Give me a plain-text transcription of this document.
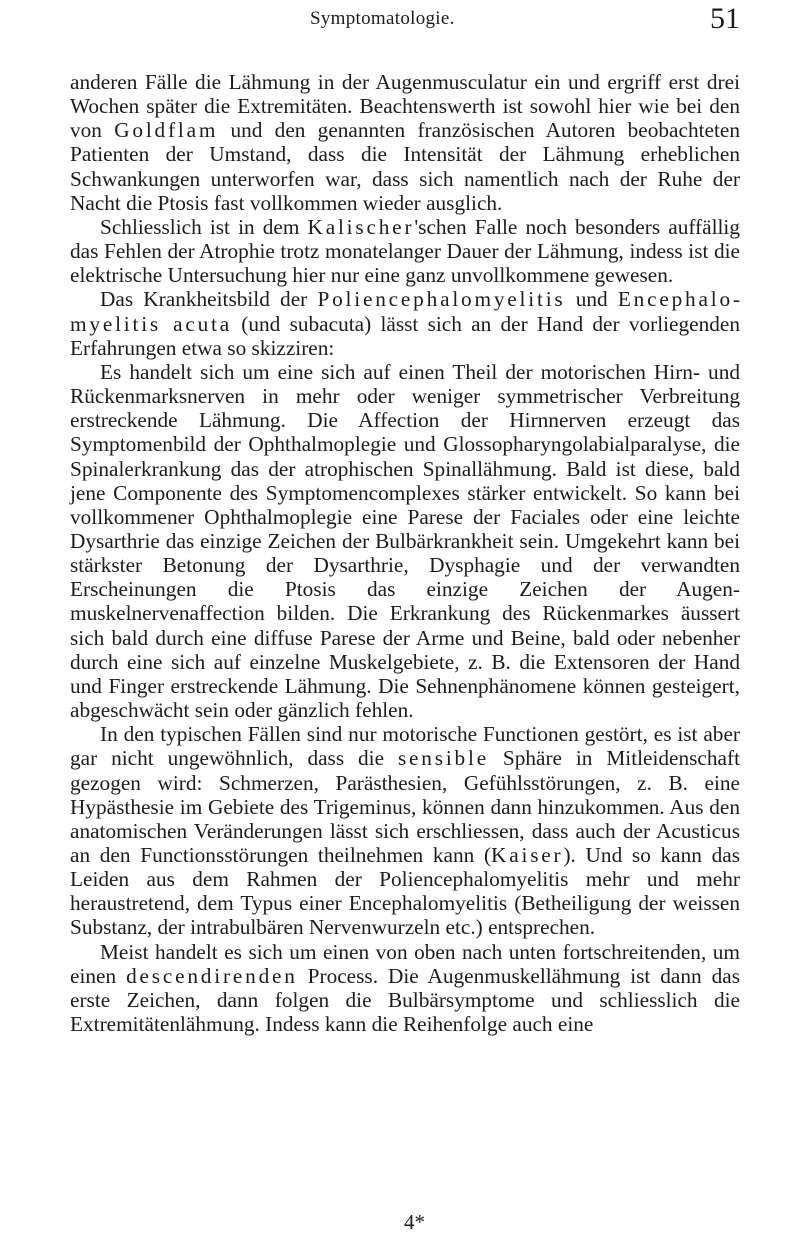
Symptomatologie.	51

anderen Fälle die Lähmung in der Augenmusculatur ein und ergriff erst drei Wochen später die Extremitäten. Beachtenswerth ist sowohl hier wie bei den von Goldflam und den genannten französischen Autoren beobachteten Patienten der Umstand, dass die Intensität der Lähmung erheblichen Schwankungen unterworfen war, dass sich namentlich nach der Ruhe der Nacht die Ptosis fast vollkommen wieder ausglich.

Schliesslich ist in dem Kalischer'schen Falle noch besonders auffällig das Fehlen der Atrophie trotz monatelanger Dauer der Lähmung, indess ist die elektrische Untersuchung hier nur eine ganz unvollkommene gewesen.

Das Krankheitsbild der Poliencephalomyelitis und Encephalomyelitis acuta (und subacuta) lässt sich an der Hand der vorliegenden Erfahrungen etwa so skizziren:

Es handelt sich um eine sich auf einen Theil der motorischen Hirn- und Rückenmarksnerven in mehr oder weniger symmetrischer Verbreitung erstreckende Lähmung. Die Affection der Hirnnerven erzeugt das Symptomenbild der Ophthalmoplegie und Glossopharyngolabialparalyse, die Spinalerkrankung das der atrophischen Spinallähmung. Bald ist diese, bald jene Componente des Symptomencomplexes stärker entwickelt. So kann bei vollkommener Ophthalmoplegie eine Parese der Faciales oder eine leichte Dysarthrie das einzige Zeichen der Bulbärkrankheit sein. Umgekehrt kann bei stärkster Betonung der Dysarthrie, Dysphagie und der verwandten Erscheinungen die Ptosis das einzige Zeichen der Augenmuskelnervenaffection bilden. Die Erkrankung des Rückenmarkes äussert sich bald durch eine diffuse Parese der Arme und Beine, bald oder nebenher durch eine sich auf einzelne Muskelgebiete, z. B. die Extensoren der Hand und Finger erstreckende Lähmung. Die Sehnenphänomene können gesteigert, abgeschwächt sein oder gänzlich fehlen.

In den typischen Fällen sind nur motorische Functionen gestört, es ist aber gar nicht ungewöhnlich, dass die sensible Sphäre in Mitleidenschaft gezogen wird: Schmerzen, Parästhesien, Gefühlsstörungen, z. B. eine Hypästhesie im Gebiete des Trigeminus, können dann hinzukommen. Aus den anatomischen Veränderungen lässt sich erschliessen, dass auch der Acusticus an den Functionsstörungen theilnehmen kann (Kaiser). Und so kann das Leiden aus dem Rahmen der Poliencephalomyelitis mehr und mehr heraustretend, dem Typus einer Encephalomyelitis (Betheiligung der weissen Substanz, der intrabulbären Nervenwurzeln etc.) entsprechen.

Meist handelt es sich um einen von oben nach unten fortschreitenden, um einen descendirenden Process. Die Augenmuskellähmung ist dann das erste Zeichen, dann folgen die Bulbärsymptome und schliesslich die Extremitätenlähmung. Indess kann die Reihenfolge auch eine

4*
